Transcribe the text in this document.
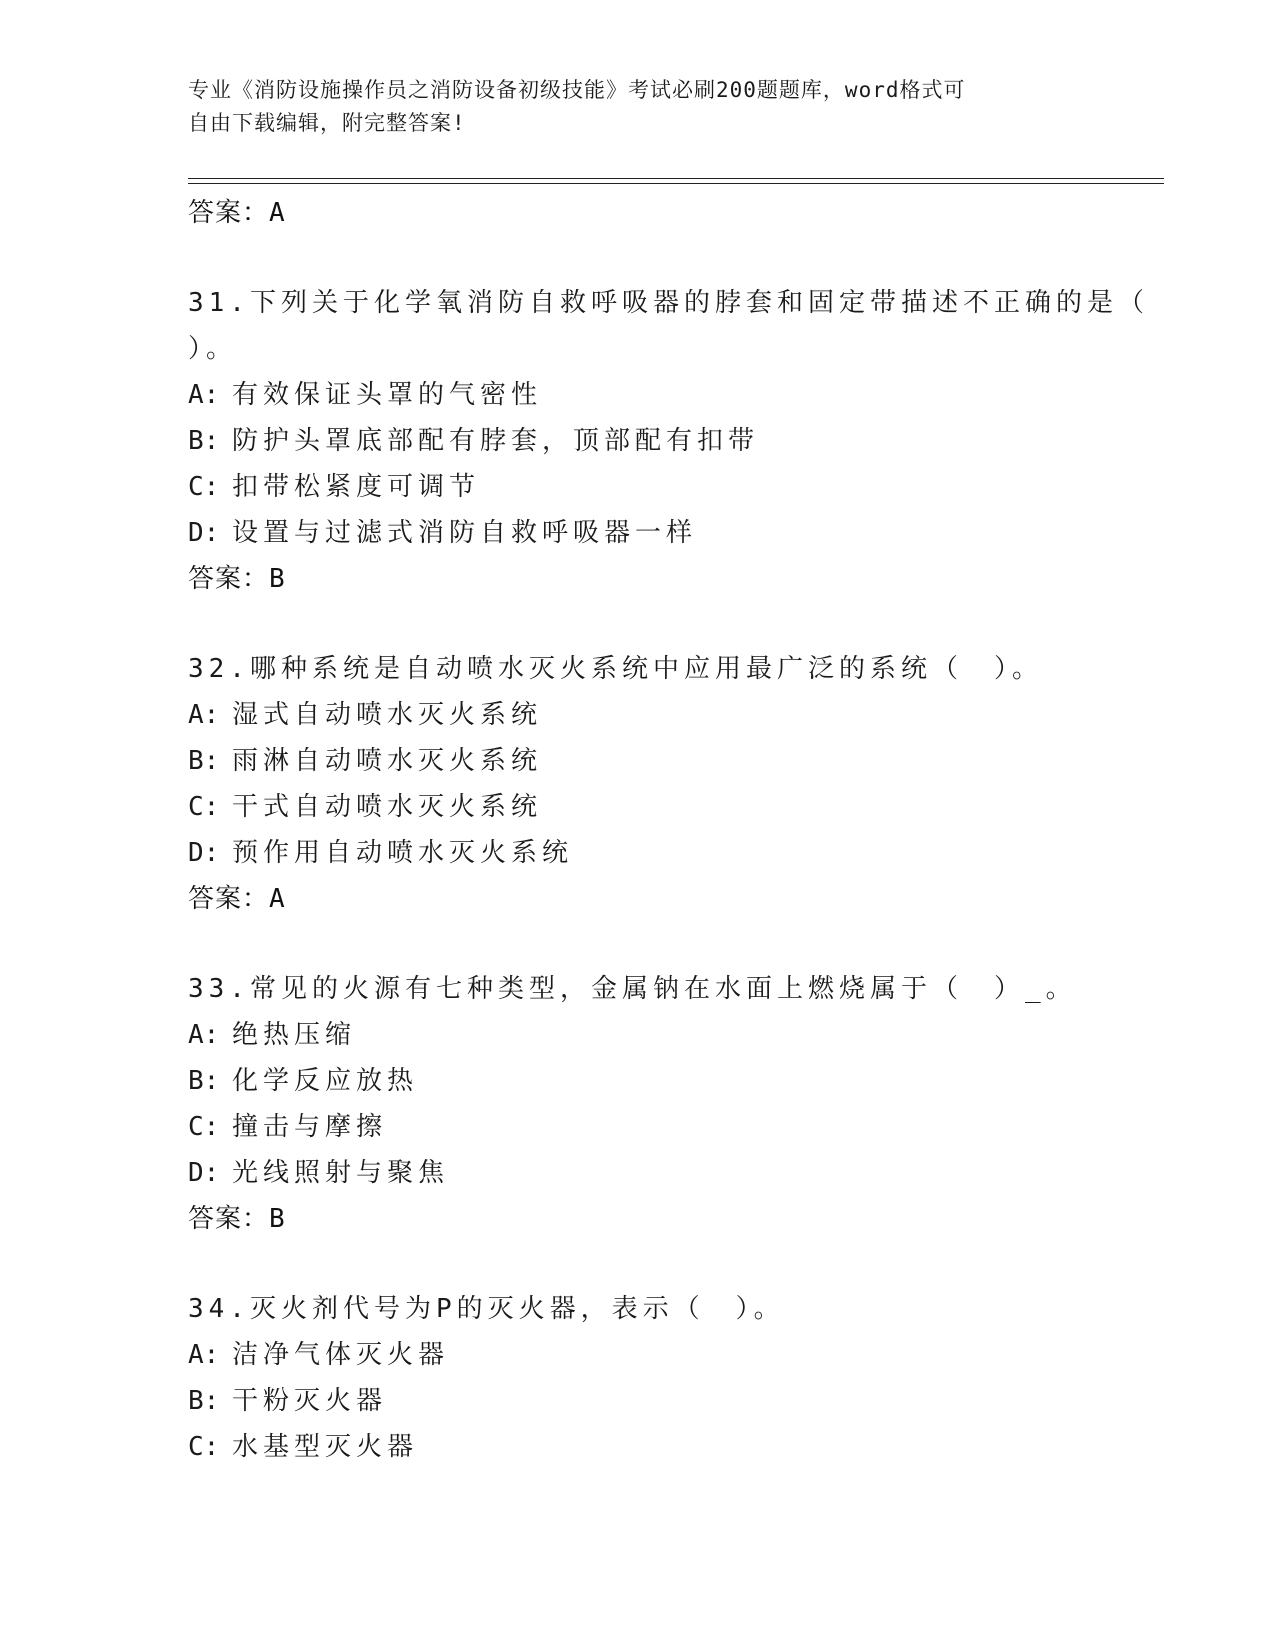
专业《消防设施操作员之消防设备初级技能》考试必刷200题题库，word格式可
自由下载编辑，附完整答案!
答案：A
31.下列关于化学氧消防自救呼吸器的脖套和固定带描述不正确的是（
）。
A: 有效保证头罩的气密性
B: 防护头罩底部配有脖套，顶部配有扣带
C: 扣带松紧度可调节
D: 设置与过滤式消防自救呼吸器一样
答案：B
32.哪种系统是自动喷水灭火系统中应用最广泛的系统（　）。
A: 湿式自动喷水灭火系统
B: 雨淋自动喷水灭火系统
C: 干式自动喷水灭火系统
D: 预作用自动喷水灭火系统
答案：A
33.常见的火源有七种类型，金属钠在水面上燃烧属于（　）_。
A: 绝热压缩
B: 化学反应放热
C: 撞击与摩擦
D: 光线照射与聚焦
答案：B
34.灭火剂代号为P的灭火器，表示（　）。
A: 洁净气体灭火器
B: 干粉灭火器
C: 水基型灭火器
